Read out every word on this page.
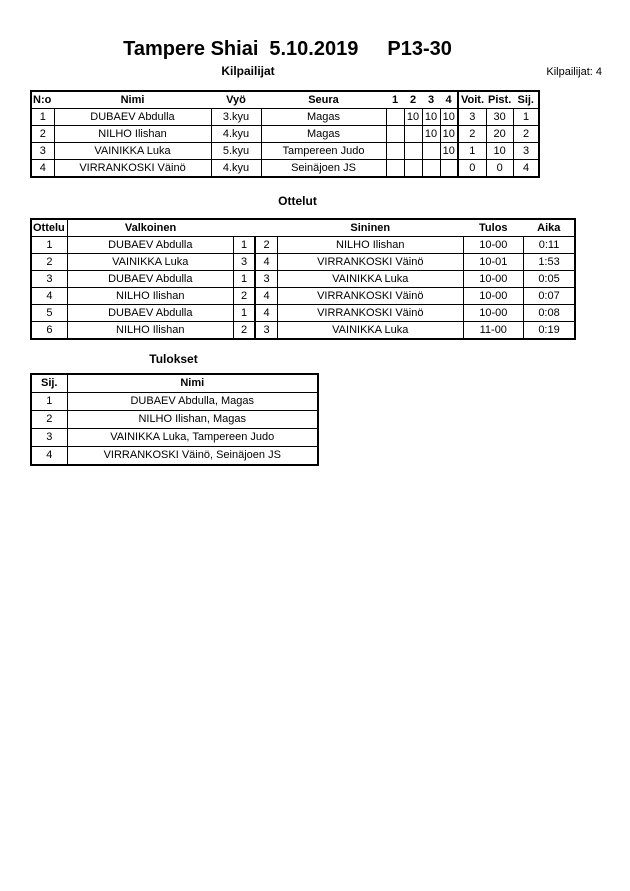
Tampere Shiai 5.10.2019 P13-30
Kilpailijat	Kilpailijat: 4
N:o	Nimi	Vyö	Seura	1	2	3	4	Voit.	Pist.	Sij.
1	DUBAEV Abdulla	3.kyu	Magas		10	10	10	3	30	1
2	NILHO Ilishan	4.kyu	Magas			10	10	2	20	2
3	VAINIKKA Luka	5.kyu	Tampereen Judo				10	1	10	3
4	VIRRANKOSKI Väinö	4.kyu	Seinäjoen JS					0	0	4
Ottelut
Ottelu	Valkoinen			Sininen	Tulos	Aika
1	DUBAEV Abdulla	1	2	NILHO Ilishan	10-00	0:11
2	VAINIKKA Luka	3	4	VIRRANKOSKI Väinö	10-01	1:53
3	DUBAEV Abdulla	1	3	VAINIKKA Luka	10-00	0:05
4	NILHO Ilishan	2	4	VIRRANKOSKI Väinö	10-00	0:07
5	DUBAEV Abdulla	1	4	VIRRANKOSKI Väinö	10-00	0:08
6	NILHO Ilishan	2	3	VAINIKKA Luka	11-00	0:19
Tulokset
Sij.	Nimi
1	DUBAEV Abdulla, Magas
2	NILHO Ilishan, Magas
3	VAINIKKA Luka, Tampereen Judo
4	VIRRANKOSKI Väinö, Seinäjoen JS
